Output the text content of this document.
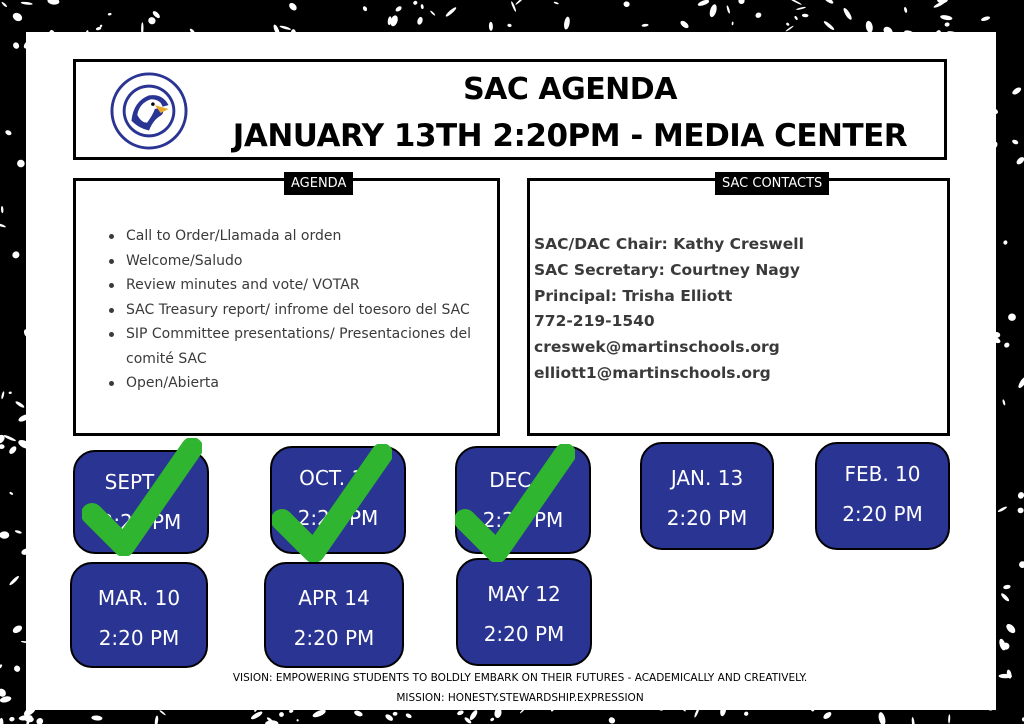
SAC AGENDA
JANUARY 13TH 2:20PM - MEDIA CENTER
AGENDA
Call to Order/Llamada al orden
Welcome/Saludo
Review minutes and vote/ VOTAR
SAC Treasury report/ infrome del toesoro del SAC
SIP Committee presentations/ Presentaciones del comité SAC
Open/Abierta
SAC CONTACTS
SAC/DAC Chair: Kathy Creswell
SAC Secretary: Courtney Nagy
Principal: Trisha Elliott
772-219-1540
creswek@martinschools.org
elliott1@martinschools.org
SEPT. 9
2:20 PM
OCT. 14
2:20 PM
DEC. 9
2:20 PM
JAN. 13
2:20 PM
FEB. 10
2:20 PM
MAR. 10
2:20 PM
APR 14
2:20 PM
MAY 12
2:20 PM
VISION: EMPOWERING STUDENTS TO BOLDLY EMBARK ON THEIR FUTURES - ACADEMICALLY AND CREATIVELY.
MISSION: HONESTY.STEWARDSHIP.EXPRESSION
